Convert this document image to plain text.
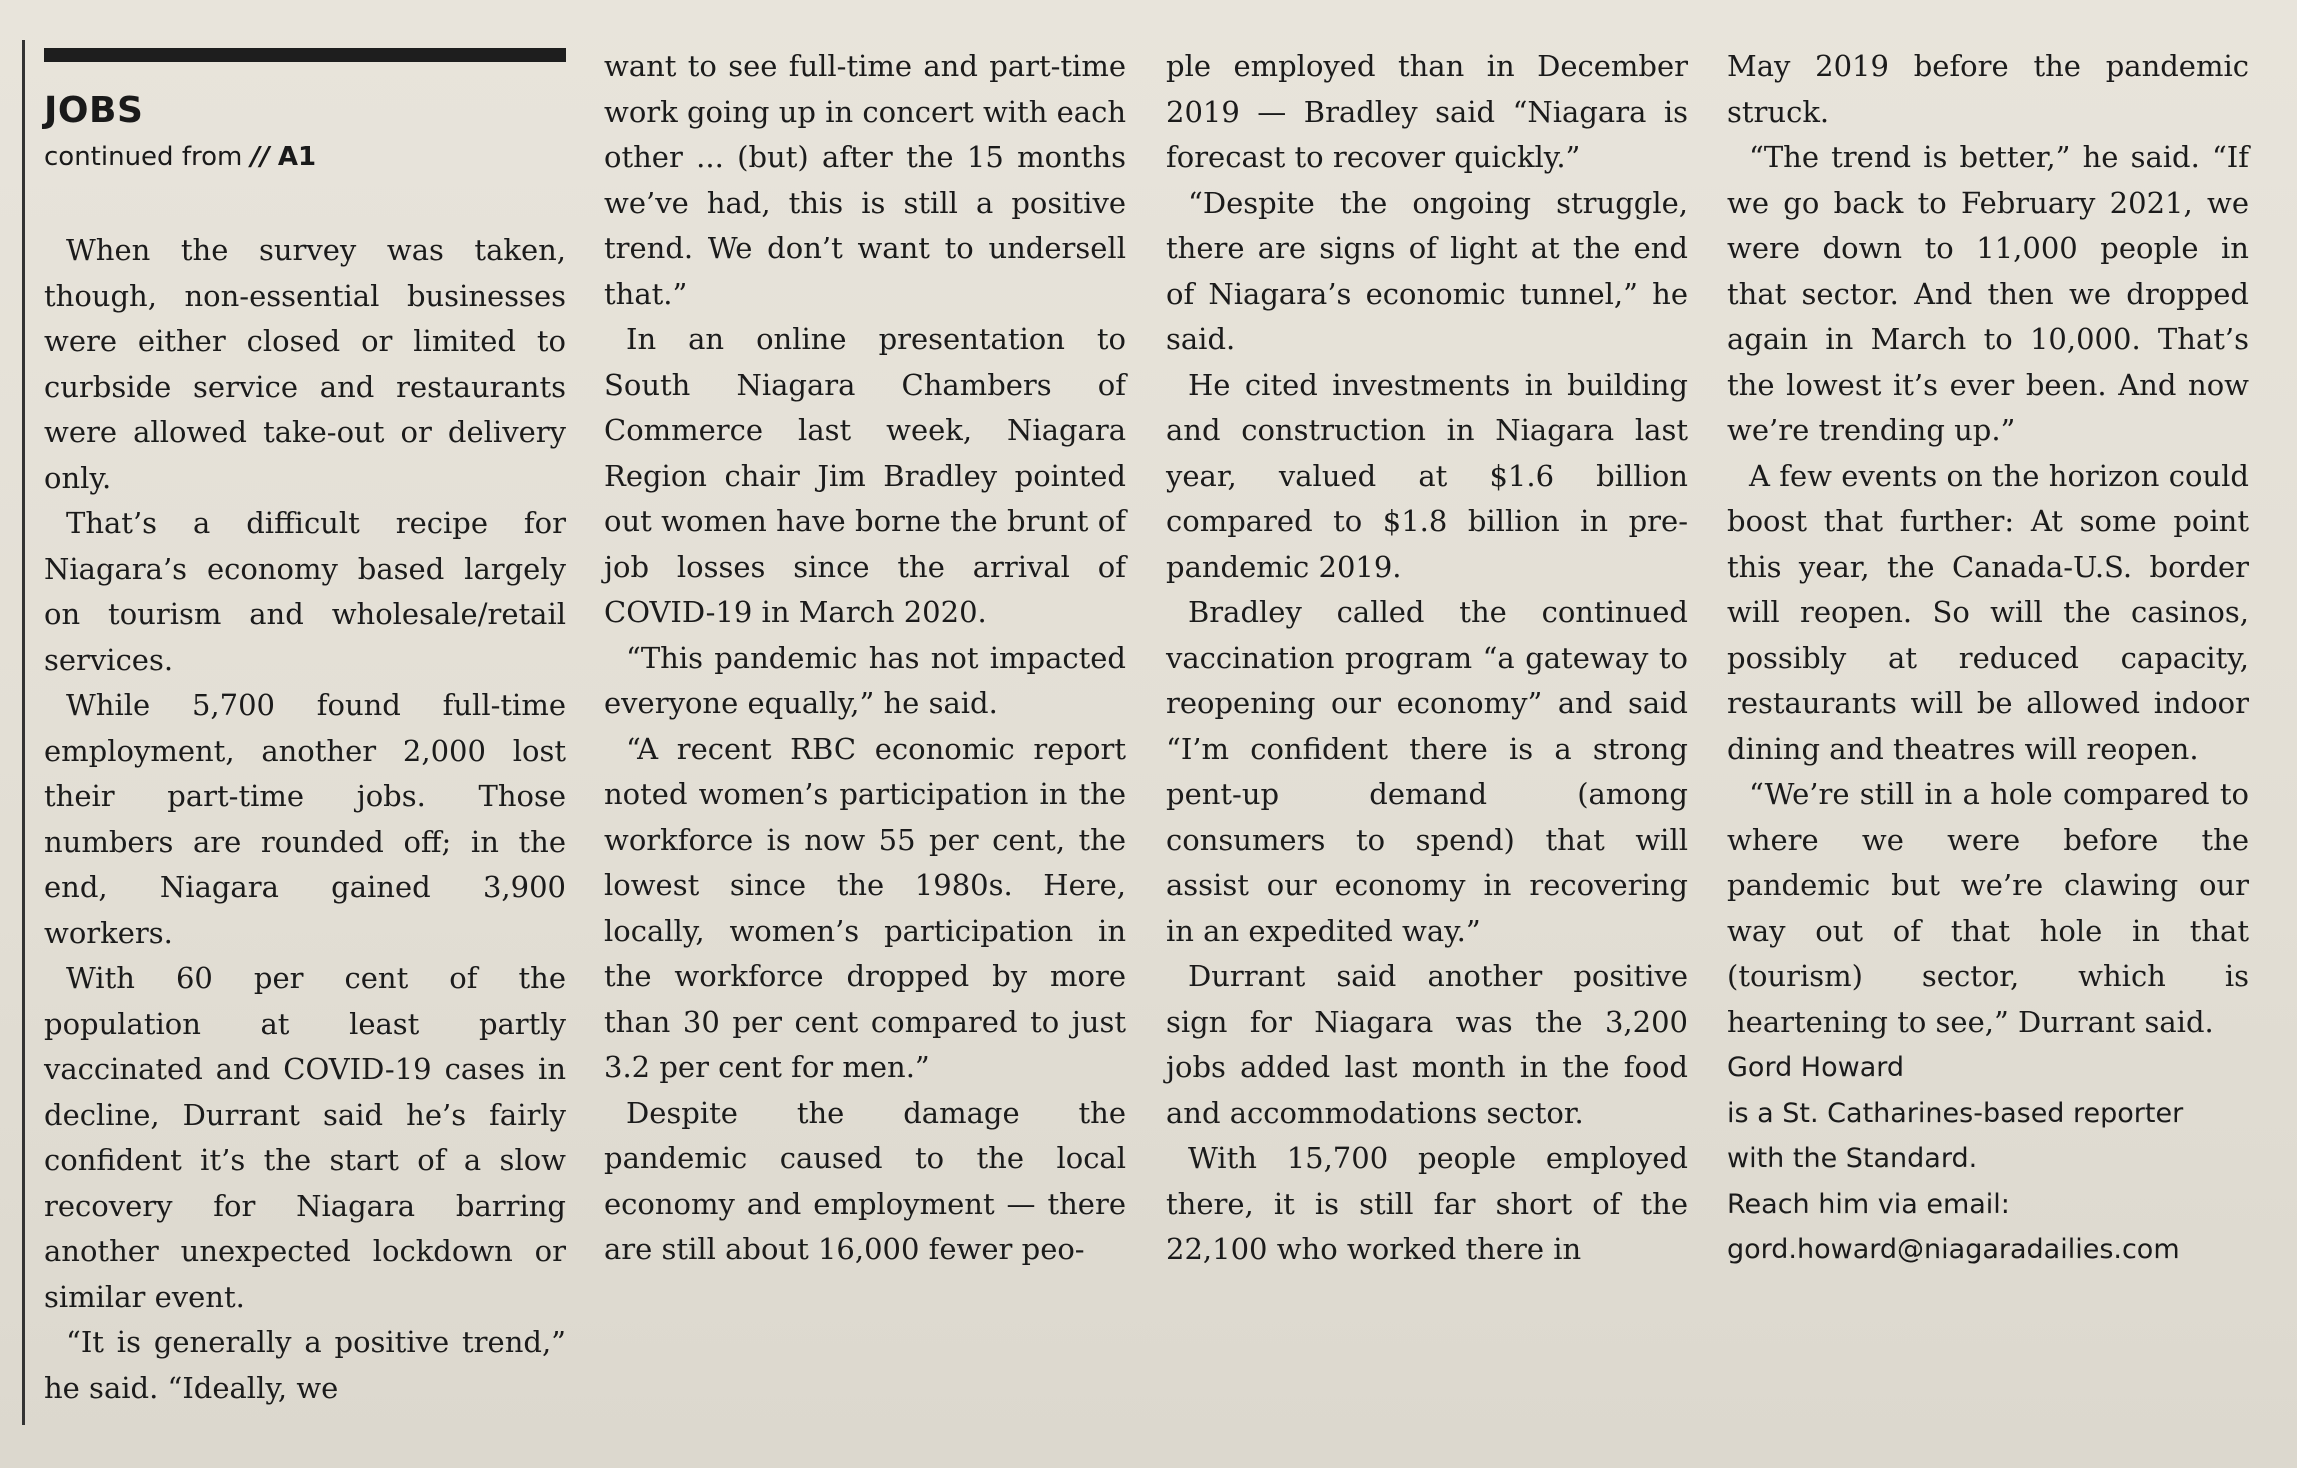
JOBS
continued from // A1

When the survey was taken, though, non-essential businesses were either closed or limited to curbside service and restaurants were allowed take-out or delivery only.

That’s a difficult recipe for Niagara’s economy based largely on tourism and wholesale/retail services.

While 5,700 found full-time employment, another 2,000 lost their part-time jobs. Those numbers are rounded off; in the end, Niagara gained 3,900 workers.

With 60 per cent of the population at least partly vaccinated and COVID-19 cases in decline, Durrant said he’s fairly confident it’s the start of a slow recovery for Niagara barring another unexpected lockdown or similar event.

“It is generally a positive trend,” he said. “Ideally, we

want to see full-time and part-time work going up in concert with each other ... (but) after the 15 months we’ve had, this is still a positive trend. We don’t want to undersell that.”

In an online presentation to South Niagara Chambers of Commerce last week, Niagara Region chair Jim Bradley pointed out women have borne the brunt of job losses since the arrival of COVID-19 in March 2020.

“This pandemic has not impacted everyone equally,” he said.

“A recent RBC economic report noted women’s participation in the workforce is now 55 per cent, the lowest since the 1980s. Here, locally, women’s participation in the workforce dropped by more than 30 per cent compared to just 3.2 per cent for men.”

Despite the damage the pandemic caused to the local economy and employment — there are still about 16,000 fewer peo-

ple employed than in December 2019 — Bradley said “Niagara is forecast to recover quickly.”

“Despite the ongoing struggle, there are signs of light at the end of Niagara’s economic tunnel,” he said.

He cited investments in building and construction in Niagara last year, valued at $1.6 billion compared to $1.8 billion in pre-pandemic 2019.

Bradley called the continued vaccination program “a gateway to reopening our economy” and said “I’m confident there is a strong pent-up demand (among consumers to spend) that will assist our economy in recovering in an expedited way.”

Durrant said another positive sign for Niagara was the 3,200 jobs added last month in the food and accommodations sector.

With 15,700 people employed there, it is still far short of the 22,100 who worked there in

May 2019 before the pandemic struck.

“The trend is better,” he said. “If we go back to February 2021, we were down to 11,000 people in that sector. And then we dropped again in March to 10,000. That’s the lowest it’s ever been. And now we’re trending up.”

A few events on the horizon could boost that further: At some point this year, the Canada-U.S. border will reopen. So will the casinos, possibly at reduced capacity, restaurants will be allowed indoor dining and theatres will reopen.

“We’re still in a hole compared to where we were before the pandemic but we’re clawing our way out of that hole in that (tourism) sector, which is heartening to see,” Durrant said.

Gord Howard
is a St. Catharines-based reporter
with the Standard.
Reach him via email:
gord.howard@niagaradailies.com
